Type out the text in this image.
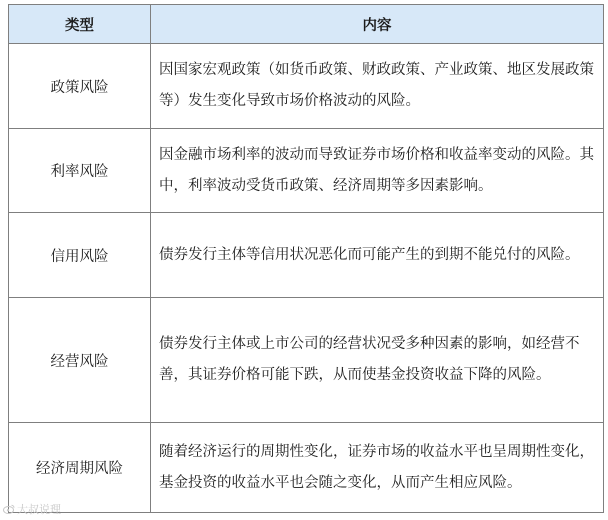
类型	内容
政策风险	因国家宏观政策（如货币政策、财政政策、产业政策、地区发展政策等）发生变化导致市场价格波动的风险。
利率风险	因金融市场利率的波动而导致证券市场价格和收益率变动的风险。其中，利率波动受货币政策、经济周期等多因素影响。
信用风险	债券发行主体等信用状况恶化而可能产生的到期不能兑付的风险。
经营风险	债券发行主体或上市公司的经营状况受多种因素的影响，如经营不善，其证券价格可能下跌，从而使基金投资收益下降的风险。
经济周期风险	随着经济运行的周期性变化，证券市场的收益水平也呈周期性变化，基金投资的收益水平也会随之变化，从而产生相应风险。
大叔说理
